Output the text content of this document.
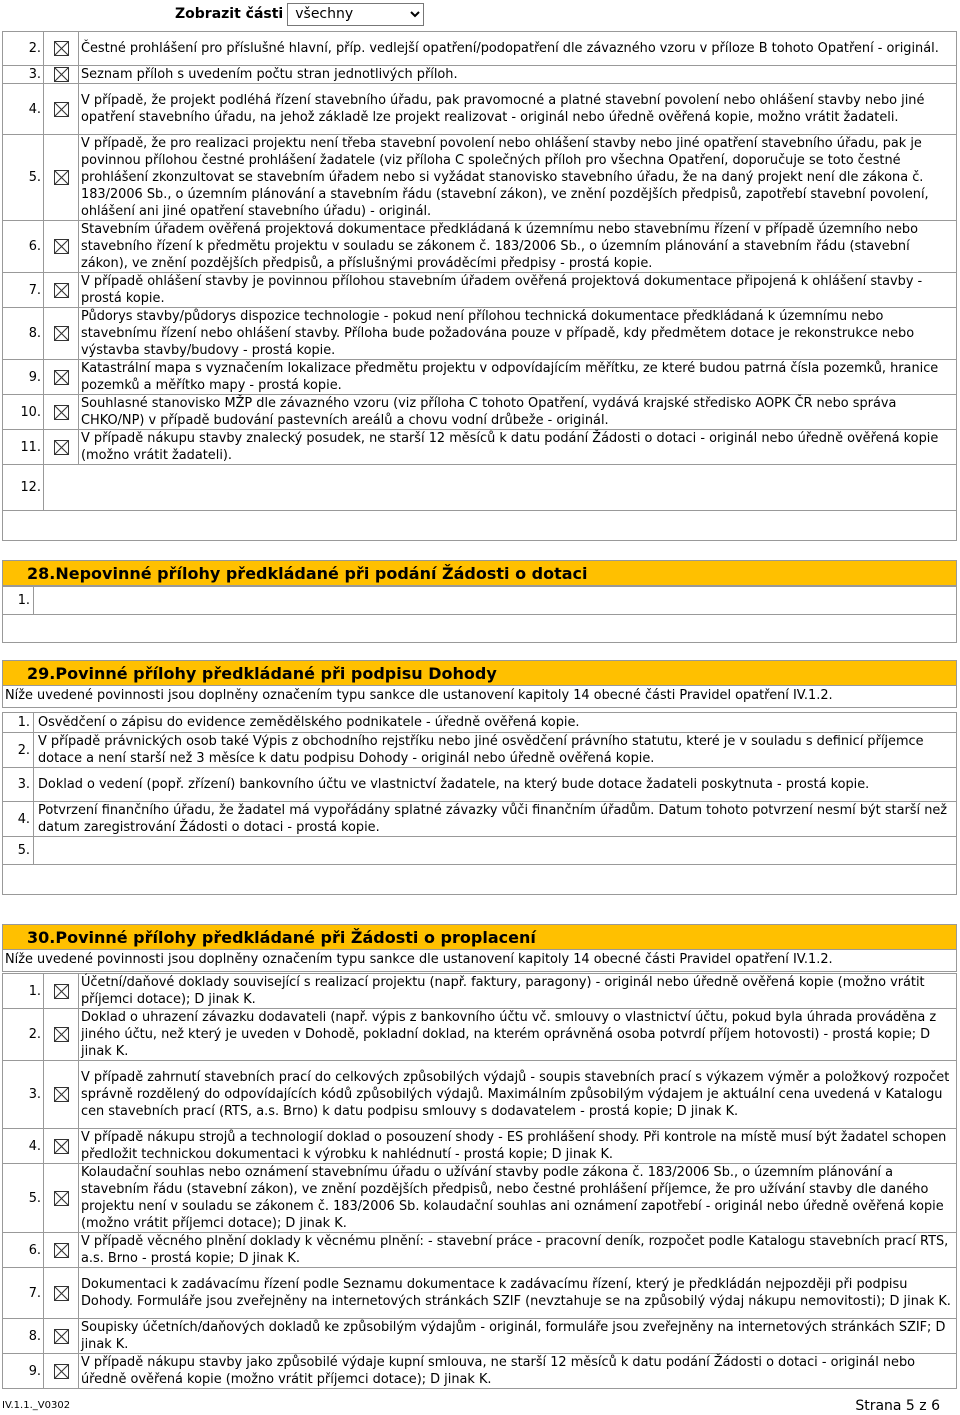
Zobrazit části
všechny
2.		Čestné prohlášení pro příslušné hlavní, příp. vedlejší opatření/podopatření dle závazného vzoru v příloze B tohoto Opatření - originál.
3.		Seznam příloh s uvedením počtu stran jednotlivých příloh.
4.		V případě, že projekt podléhá řízení stavebního úřadu, pak pravomocné a platné stavební povolení nebo ohlášení stavby nebo jiné opatření stavebního úřadu, na jehož základě lze projekt realizovat - originál nebo úředně ověřená kopie, možno vrátit žadateli.
5.		V případě, že pro realizaci projektu není třeba stavební povolení nebo ohlášení stavby nebo jiné opatření stavebního úřadu, pak je povinnou přílohou čestné prohlášení žadatele (viz příloha C společných příloh pro všechna Opatření, doporučuje se toto čestné prohlášení zkonzultovat se stavebním úřadem nebo si vyžádat stanovisko stavebního úřadu, že na daný projekt není dle zákona č. 183/2006 Sb., o územním plánování a stavebním řádu (stavební zákon), ve znění pozdějších předpisů, zapotřebí stavební povolení, ohlášení ani jiné opatření stavebního úřadu) - originál.
6.		Stavebním úřadem ověřená projektová dokumentace předkládaná k územnímu nebo stavebnímu řízení v případě územního nebo stavebního řízení k předmětu projektu v souladu se zákonem č. 183/2006 Sb., o územním plánování a stavebním řádu (stavební zákon), ve znění pozdějších předpisů, a příslušnými prováděcími předpisy - prostá kopie.
7.		V případě ohlášení stavby je povinnou přílohou stavebním úřadem ověřená projektová dokumentace připojená k ohlášení stavby - prostá kopie.
8.		Půdorys stavby/půdorys dispozice technologie - pokud není přílohou technická dokumentace předkládaná k územnímu nebo stavebnímu řízení nebo ohlášení stavby. Příloha bude požadována pouze v případě, kdy předmětem dotace je rekonstrukce nebo výstavba stavby/budovy - prostá kopie.
9.		Katastrální mapa s vyznačením lokalizace předmětu projektu v odpovídajícím měřítku, ze které budou patrná čísla pozemků, hranice pozemků a měřítko mapy - prostá kopie.
10.		Souhlasné stanovisko MŽP dle závazného vzoru (viz příloha C tohoto Opatření, vydává krajské středisko AOPK ČR nebo správa CHKO/NP) v případě budování pastevních areálů a chovu vodní drůbeže - originál.
11.		V případě nákupu stavby znalecký posudek, ne starší 12 měsíců k datu podání Žádosti o dotaci - originál nebo úředně ověřená kopie (možno vrátit žadateli).
12.		

28.Nepovinné přílohy předkládané při podání Žádosti o dotaci
1.	

29.Povinné přílohy předkládané při podpisu Dohody
Níže uvedené povinnosti jsou doplněny označením typu sankce dle ustanovení kapitoly 14 obecné části Pravidel opatření IV.1.2.
1.	Osvědčení o zápisu do evidence zemědělského podnikatele - úředně ověřená kopie.
2.	V případě právnických osob také Výpis z obchodního rejstříku nebo jiné osvědčení právního statutu, které je v souladu s definicí příjemce dotace a není starší než 3 měsíce k datu podpisu Dohody - originál nebo úředně ověřená kopie.
3.	Doklad o vedení (popř. zřízení) bankovního účtu ve vlastnictví žadatele, na který bude dotace žadateli poskytnuta - prostá kopie.
4.	Potvrzení finančního úřadu, že žadatel má vypořádány splatné závazky vůči finančním úřadům. Datum tohoto potvrzení nesmí být starší než datum zaregistrování Žádosti o dotaci - prostá kopie.
5.	

30.Povinné přílohy předkládané při Žádosti o proplacení
Níže uvedené povinnosti jsou doplněny označením typu sankce dle ustanovení kapitoly 14 obecné části Pravidel opatření IV.1.2.
1.		Účetní/daňové doklady související s realizací projektu (např. faktury, paragony) - originál nebo úředně ověřená kopie (možno vrátit příjemci dotace); D jinak K.
2.		Doklad o uhrazení závazku dodavateli (např. výpis z bankovního účtu vč. smlouvy o vlastnictví účtu, pokud byla úhrada prováděna z jiného účtu, než který je uveden v Dohodě, pokladní doklad, na kterém oprávněná osoba potvrdí příjem hotovosti) - prostá kopie; D jinak K.
3.		V případě zahrnutí stavebních prací do celkových způsobilých výdajů - soupis stavebních prací s výkazem výměr a položkový rozpočet správně rozdělený do odpovídajících kódů způsobilých výdajů. Maximálním způsobilým výdajem je aktuální cena uvedená v Katalogu cen stavebních prací (RTS, a.s. Brno) k datu podpisu smlouvy s dodavatelem - prostá kopie; D jinak K.
4.		V případě nákupu strojů a technologií doklad o posouzení shody - ES prohlášení shody. Při kontrole na místě musí být žadatel schopen předložit technickou dokumentaci k výrobku k nahlédnutí - prostá kopie; D jinak K.
5.		Kolaudační souhlas nebo oznámení stavebnímu úřadu o užívání stavby podle zákona č. 183/2006 Sb., o územním plánování a stavebním řádu (stavební zákon), ve znění pozdějších předpisů, nebo čestné prohlášení příjemce, že pro užívání stavby dle daného projektu není v souladu se zákonem č. 183/2006 Sb. kolaudační souhlas ani oznámení zapotřebí - originál nebo úředně ověřená kopie (možno vrátit příjemci dotace); D jinak K.
6.		V případě věcného plnění doklady k věcnému plnění: - stavební práce - pracovní deník, rozpočet podle Katalogu stavebních prací RTS, a.s. Brno - prostá kopie; D jinak K.
7.		Dokumentaci k zadávacímu řízení podle Seznamu dokumentace k zadávacímu řízení, který je předkládán nejpozději při podpisu Dohody. Formuláře jsou zveřejněny na internetových stránkách SZIF (nevztahuje se na způsobilý výdaj nákupu nemovitosti); D jinak K.
8.		Soupisky účetních/daňových dokladů ke způsobilým výdajům - originál, formuláře jsou zveřejněny na internetových stránkách SZIF; D jinak K.
9.		V případě nákupu stavby jako způsobilé výdaje kupní smlouva, ne starší 12 měsíců k datu podání Žádosti o dotaci - originál nebo úředně ověřená kopie (možno vrátit příjemci dotace); D jinak K.
IV.1.1._V0302	Strana 5 z 6
